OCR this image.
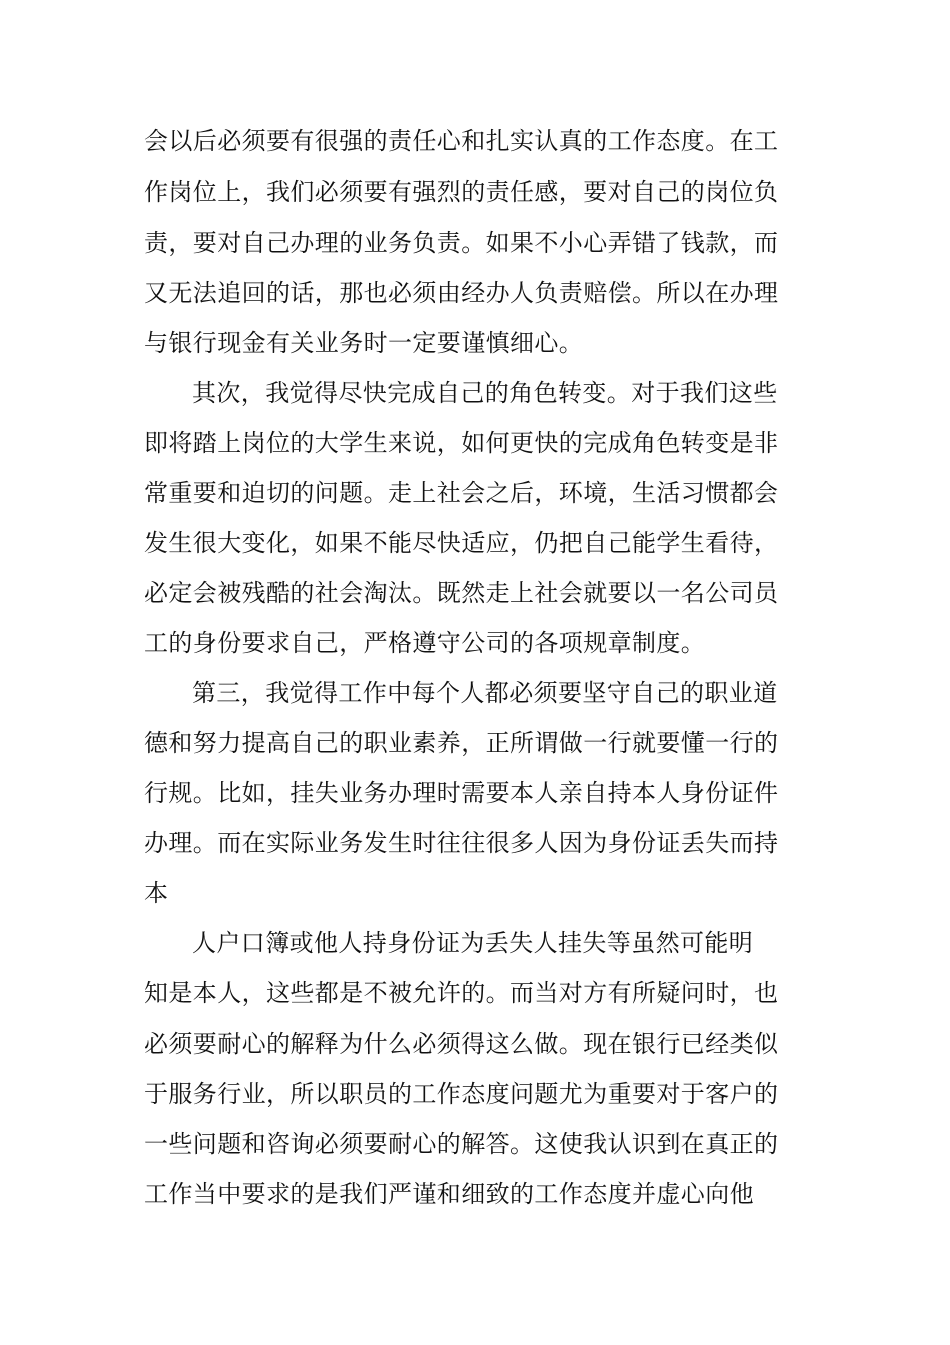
会以后必须要有很强的责任心和扎实认真的工作态度。在工
作岗位上，我们必须要有强烈的责任感，要对自己的岗位负
责，要对自己办理的业务负责。如果不小心弄错了钱款，而
又无法追回的话，那也必须由经办人负责赔偿。所以在办理
与银行现金有关业务时一定要谨慎细心。
其次，我觉得尽快完成自己的角色转变。对于我们这些
即将踏上岗位的大学生来说，如何更快的完成角色转变是非
常重要和迫切的问题。走上社会之后，环境，生活习惯都会
发生很大变化，如果不能尽快适应，仍把自己能学生看待，
必定会被残酷的社会淘汰。既然走上社会就要以一名公司员
工的身份要求自己，严格遵守公司的各项规章制度。
第三，我觉得工作中每个人都必须要坚守自己的职业道
德和努力提高自己的职业素养，正所谓做一行就要懂一行的
行规。比如，挂失业务办理时需要本人亲自持本人身份证件
办理。而在实际业务发生时往往很多人因为身份证丢失而持
本
人户口簿或他人持身份证为丢失人挂失等虽然可能明
知是本人，这些都是不被允许的。而当对方有所疑问时，也
必须要耐心的解释为什么必须得这么做。现在银行已经类似
于服务行业，所以职员的工作态度问题尤为重要对于客户的
一些问题和咨询必须要耐心的解答。这使我认识到在真正的
工作当中要求的是我们严谨和细致的工作态度并虚心向他
